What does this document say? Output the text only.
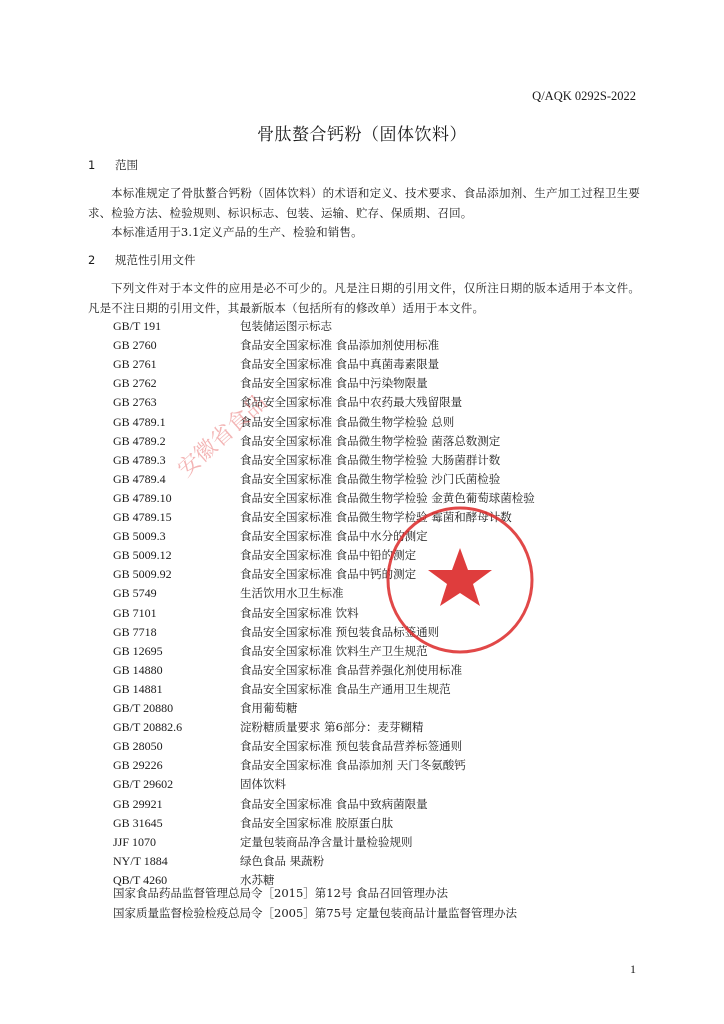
Q/AQK 0292S-2022
骨肽螯合钙粉（固体饮料）
1 范围
本标准规定了骨肽螯合钙粉（固体饮料）的术语和定义、技术要求、食品添加剂、生产加工过程卫生要求、检验方法、检验规则、标识标志、包装、运输、贮存、保质期、召回。
本标准适用于3.1定义产品的生产、检验和销售。
2 规范性引用文件
下列文件对于本文件的应用是必不可少的。凡是注日期的引用文件，仅所注日期的版本适用于本文件。凡是不注日期的引用文件，其最新版本（包括所有的修改单）适用于本文件。
GB/T 191	包装储运图示标志
GB 2760	食品安全国家标准 食品添加剂使用标准
GB 2761	食品安全国家标准 食品中真菌毒素限量
GB 2762	食品安全国家标准 食品中污染物限量
GB 2763	食品安全国家标准 食品中农药最大残留限量
GB 4789.1	食品安全国家标准 食品微生物学检验 总则
GB 4789.2	食品安全国家标准 食品微生物学检验 菌落总数测定
GB 4789.3	食品安全国家标准 食品微生物学检验 大肠菌群计数
GB 4789.4	食品安全国家标准 食品微生物学检验 沙门氏菌检验
GB 4789.10	食品安全国家标准 食品微生物学检验 金黄色葡萄球菌检验
GB 4789.15	食品安全国家标准 食品微生物学检验 霉菌和酵母计数
GB 5009.3	食品安全国家标准 食品中水分的测定
GB 5009.12	食品安全国家标准 食品中铅的测定
GB 5009.92	食品安全国家标准 食品中钙的测定
GB 5749	生活饮用水卫生标准
GB 7101	食品安全国家标准 饮料
GB 7718	食品安全国家标准 预包装食品标签通则
GB 12695	食品安全国家标准 饮料生产卫生规范
GB 14880	食品安全国家标准 食品营养强化剂使用标准
GB 14881	食品安全国家标准 食品生产通用卫生规范
GB/T 20880	食用葡萄糖
GB/T 20882.6	淀粉糖质量要求 第6部分：麦芽糊精
GB 28050	食品安全国家标准 预包装食品营养标签通则
GB 29226	食品安全国家标准 食品添加剂 天门冬氨酸钙
GB/T 29602	固体饮料
GB 29921	食品安全国家标准 食品中致病菌限量
GB 31645	食品安全国家标准 胶原蛋白肽
JJF 1070	定量包装商品净含量计量检验规则
NY/T 1884	绿色食品 果蔬粉
QB/T 4260	水苏糖
国家食品药品监督管理总局令［2015］第12号 食品召回管理办法
国家质量监督检验检疫总局令［2005］第75号 定量包装商品计量监督管理办法
安徽省食品
1
